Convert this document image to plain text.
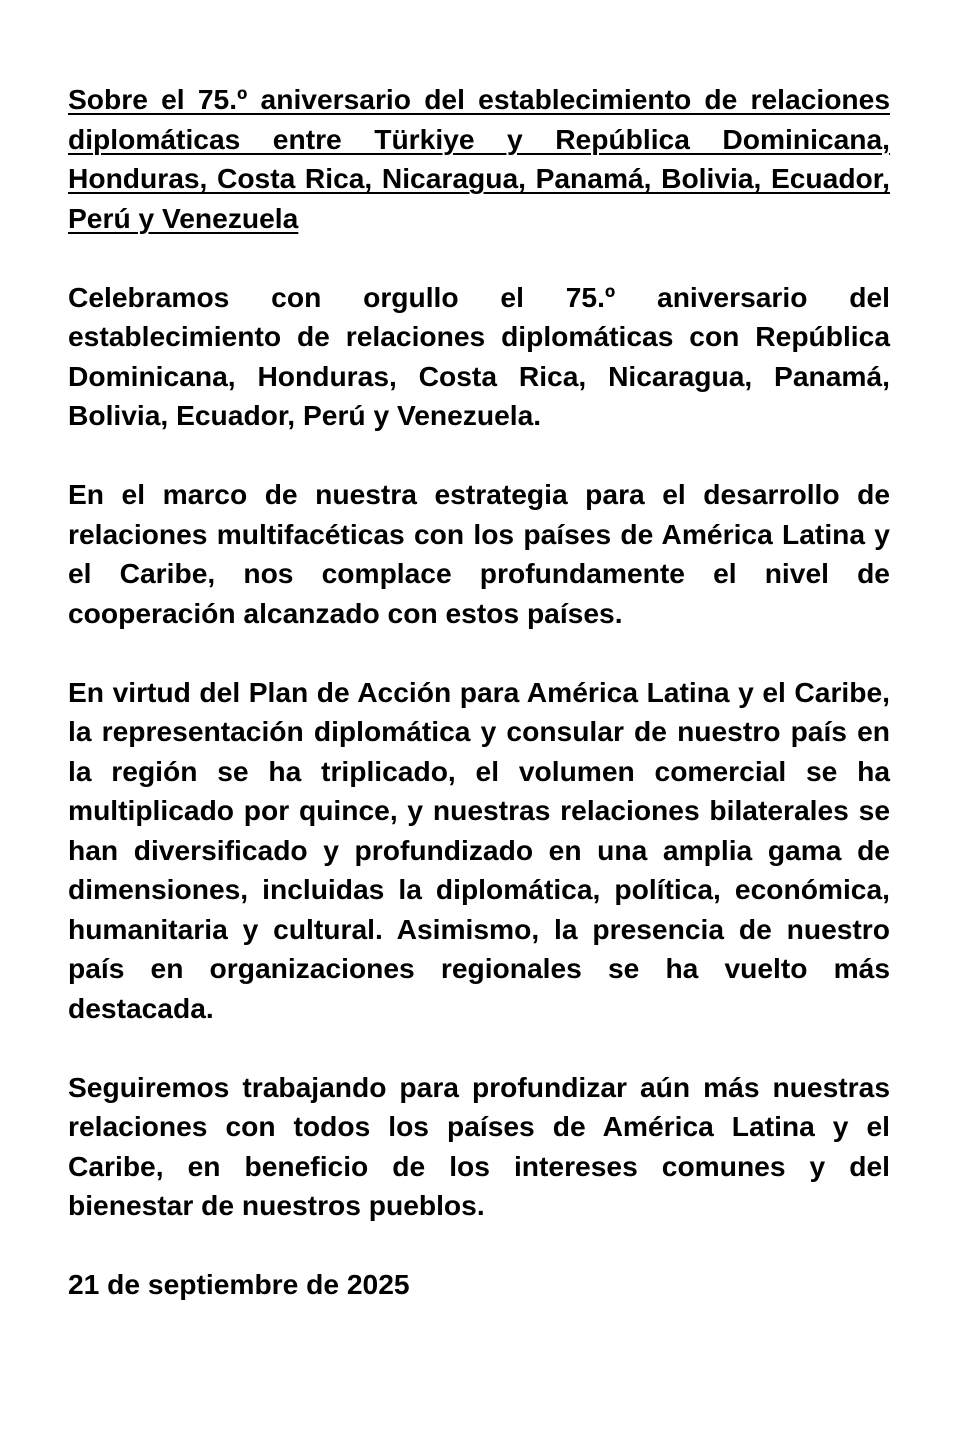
Sobre el 75.º aniversario del establecimiento de relaciones diplomáticas entre Türkiye y República Dominicana, Honduras, Costa Rica, Nicaragua, Panamá, Bolivia, Ecuador, Perú y Venezuela

Celebramos con orgullo el 75.º aniversario del establecimiento de relaciones diplomáticas con República Dominicana, Honduras, Costa Rica, Nicaragua, Panamá, Bolivia, Ecuador, Perú y Venezuela.

En el marco de nuestra estrategia para el desarrollo de relaciones multifacéticas con los países de América Latina y el Caribe, nos complace profundamente el nivel de cooperación alcanzado con estos países.

En virtud del Plan de Acción para América Latina y el Caribe, la representación diplomática y consular de nuestro país en la región se ha triplicado, el volumen comercial se ha multiplicado por quince, y nuestras relaciones bilaterales se han diversificado y profundizado en una amplia gama de dimensiones, incluidas la diplomática, política, económica, humanitaria y cultural. Asimismo, la presencia de nuestro país en organizaciones regionales se ha vuelto más destacada.

Seguiremos trabajando para profundizar aún más nuestras relaciones con todos los países de América Latina y el Caribe, en beneficio de los intereses comunes y del bienestar de nuestros pueblos.

21 de septiembre de 2025
